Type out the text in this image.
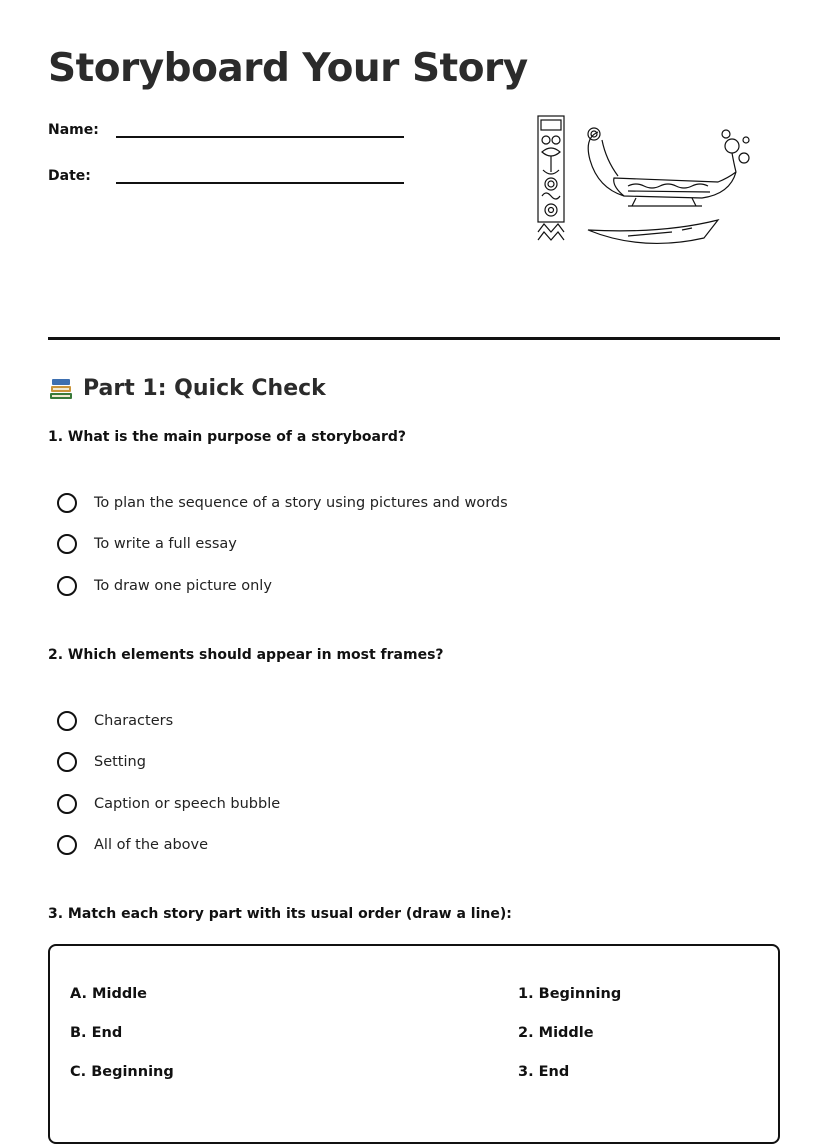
Storyboard Your Story
Name:
Date:
Part 1: Quick Check

1. What is the main purpose of a storyboard?

To plan the sequence of a story using pictures and words
To write a full essay
To draw one picture only

2. Which elements should appear in most frames?

Characters
Setting
Caption or speech bubble
All of the above

3. Match each story part with its usual order (draw a line):

A. Middle
B. End
C. Beginning
1. Beginning
2. Middle
3. End
